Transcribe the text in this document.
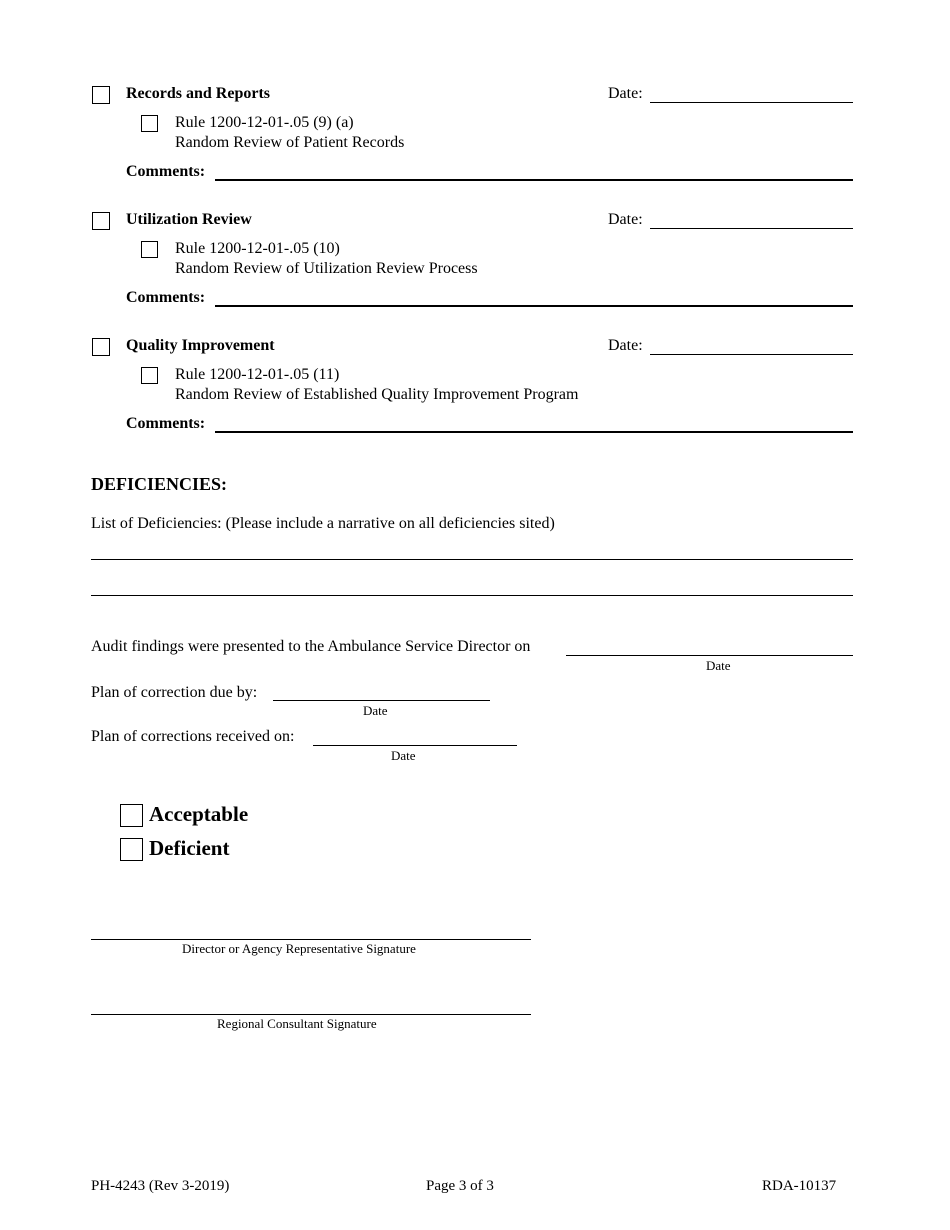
Records and Reports	Date:
Rule 1200-12-01-.05 (9) (a)
Random Review of Patient Records
Comments:
Utilization Review	Date:
Rule 1200-12-01-.05 (10)
Random Review of Utilization Review Process
Comments:
Quality Improvement	Date:
Rule 1200-12-01-.05 (11)
Random Review of Established Quality Improvement Program
Comments:
DEFICIENCIES:
List of Deficiencies: (Please include a narrative on all deficiencies sited)
Audit findings were presented to the Ambulance Service Director on
Date
Plan of correction due by:
Date
Plan of corrections received on:
Date
Acceptable
Deficient
Director or Agency Representative Signature
Regional Consultant Signature
PH-4243 (Rev 3-2019)	Page 3 of 3	RDA-10137
